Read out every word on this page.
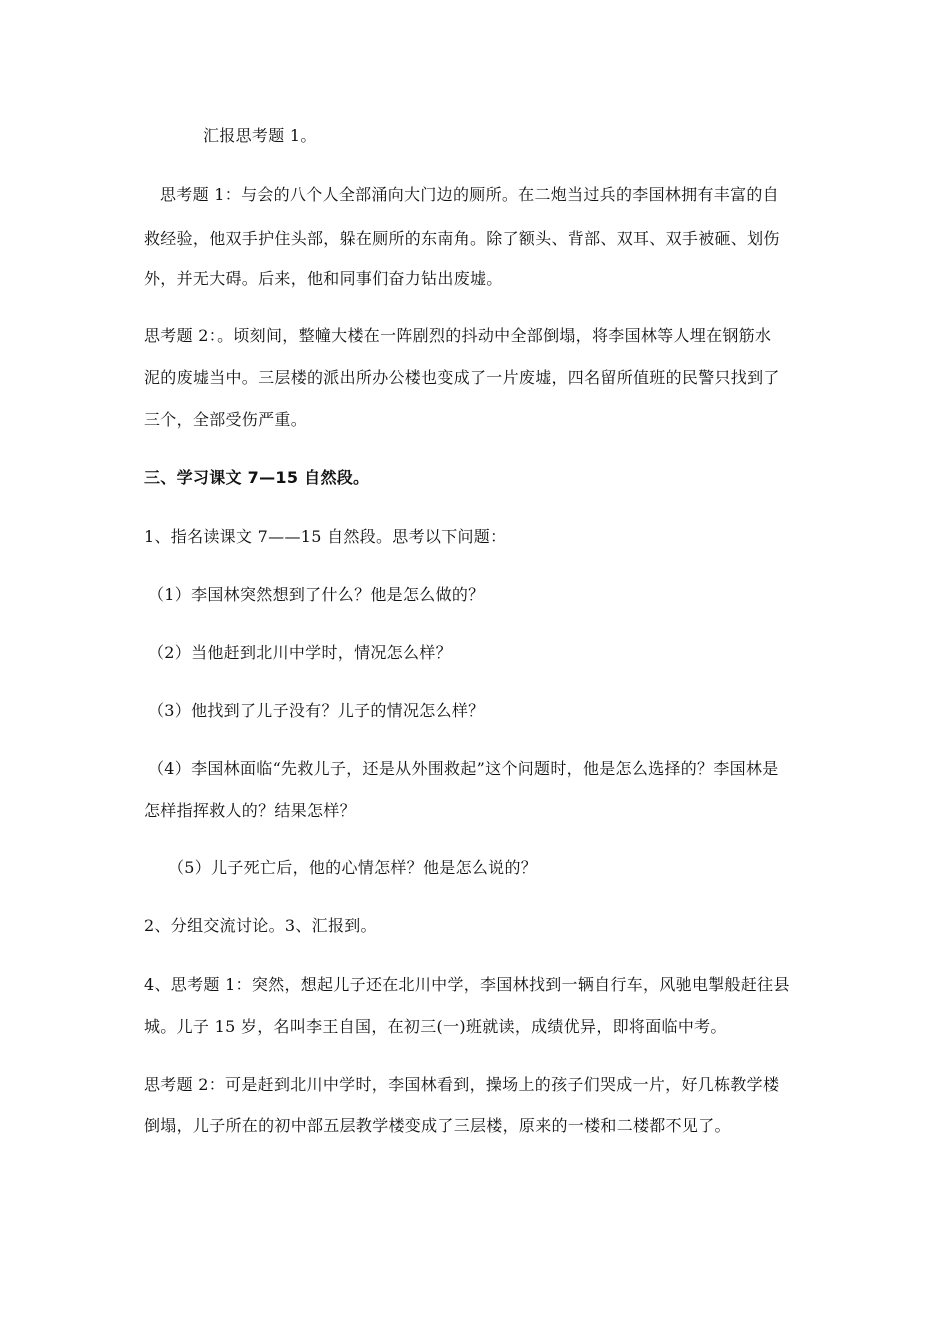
汇报思考题 1。
思考题 1：与会的八个人全部涌向大门边的厕所。在二炮当过兵的李国林拥有丰富的自
救经验，他双手护住头部，躲在厕所的东南角。除了额头、背部、双耳、双手被砸、划伤
外，并无大碍。后来，他和同事们奋力钻出废墟。
思考题 2：。顷刻间，整幢大楼在一阵剧烈的抖动中全部倒塌，将李国林等人埋在钢筋水
泥的废墟当中。三层楼的派出所办公楼也变成了一片废墟，四名留所值班的民警只找到了
三个，全部受伤严重。
三、学习课文 7—15 自然段。
1、指名读课文 7——15 自然段。思考以下问题：
（1）李国林突然想到了什么？他是怎么做的？
（2）当他赶到北川中学时，情况怎么样？
（3）他找到了儿子没有？儿子的情况怎么样？
（4）李国林面临“先救儿子，还是从外围救起”这个问题时，他是怎么选择的？李国林是
怎样指挥救人的？结果怎样？
（5）儿子死亡后，他的心情怎样？他是怎么说的？
2、分组交流讨论。3、汇报到。
4、思考题 1：突然，想起儿子还在北川中学，李国林找到一辆自行车，风驰电掣般赶往县
城。儿子 15 岁，名叫李王自国，在初三(一)班就读，成绩优异，即将面临中考。
思考题 2：可是赶到北川中学时，李国林看到，操场上的孩子们哭成一片，好几栋教学楼
倒塌，儿子所在的初中部五层教学楼变成了三层楼，原来的一楼和二楼都不见了。
